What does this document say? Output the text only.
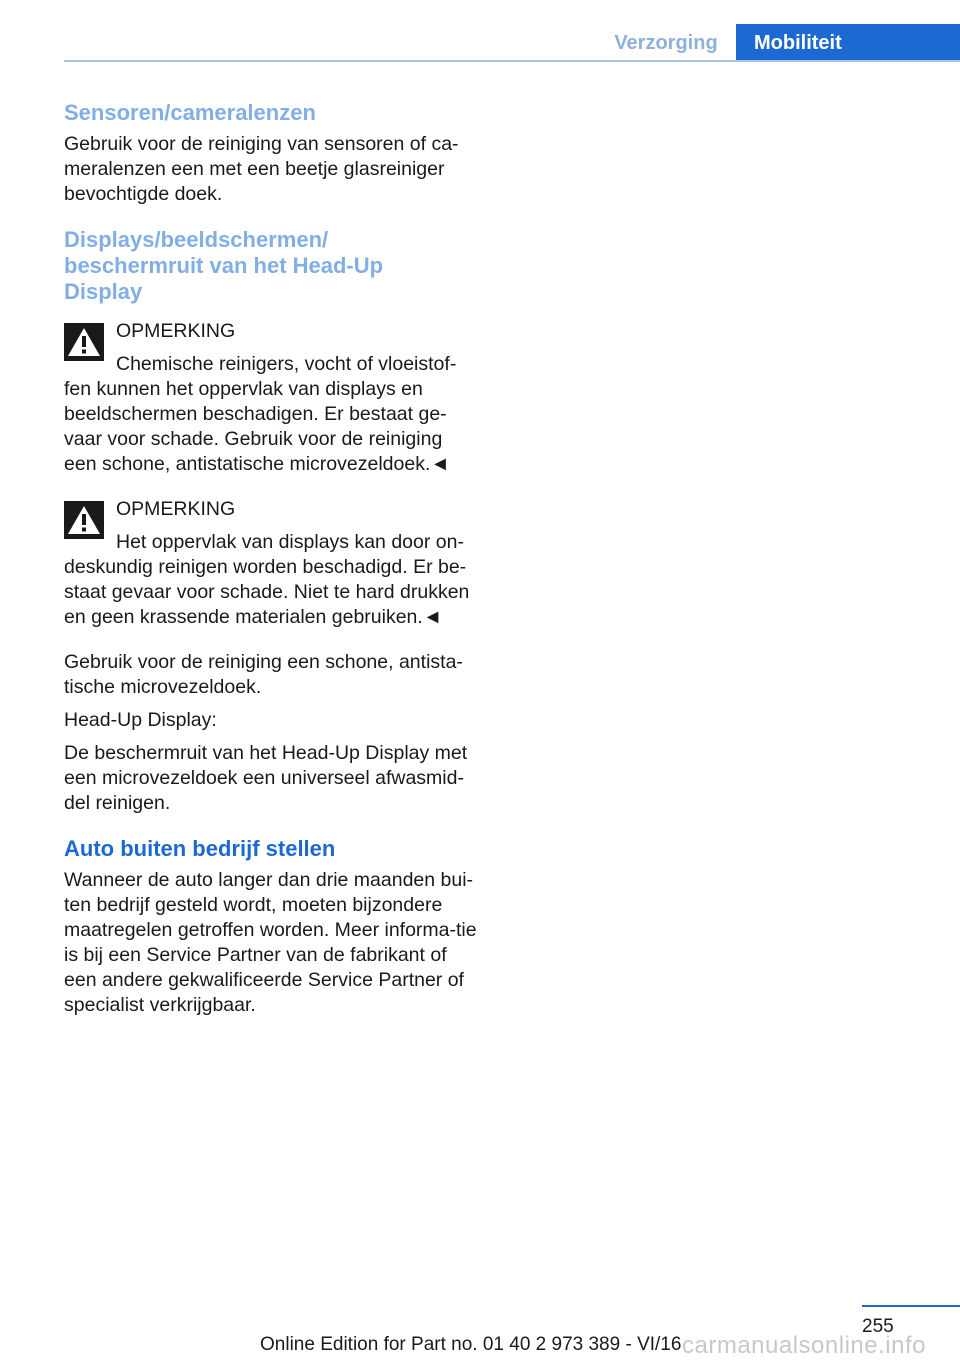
Verzorging	Mobiliteit
Sensoren/cameralenzen

Gebruik voor de reiniging van sensoren of ca-meralenzen een met een beetje glasreiniger bevochtigde doek.

Displays/beeldschermen/
beschermruit van het Head-Up
Display
OPMERKING

Chemische reinigers, vocht of vloeistof-fen kunnen het oppervlak van displays en beeldschermen beschadigen. Er bestaat ge-vaar voor schade. Gebruik voor de reiniging een schone, antistatische microvezeldoek.◄

OPMERKING

Het oppervlak van displays kan door on-deskundig reinigen worden beschadigd. Er be-staat gevaar voor schade. Niet te hard drukken en geen krassende materialen gebruiken.◄

Gebruik voor de reiniging een schone, antista-tische microvezeldoek.

Head-Up Display:

De beschermruit van het Head-Up Display met een microvezeldoek een universeel afwasmid-del reinigen.

Auto buiten bedrijf stellen

Wanneer de auto langer dan drie maanden bui-ten bedrijf gesteld wordt, moeten bijzondere maatregelen getroffen worden. Meer informa-tie is bij een Service Partner van de fabrikant of een andere gekwalificeerde Service Partner of specialist verkrijgbaar.

255
Online Edition for Part no. 01 40 2 973 389 - VI/16 carmanualsonline.info
